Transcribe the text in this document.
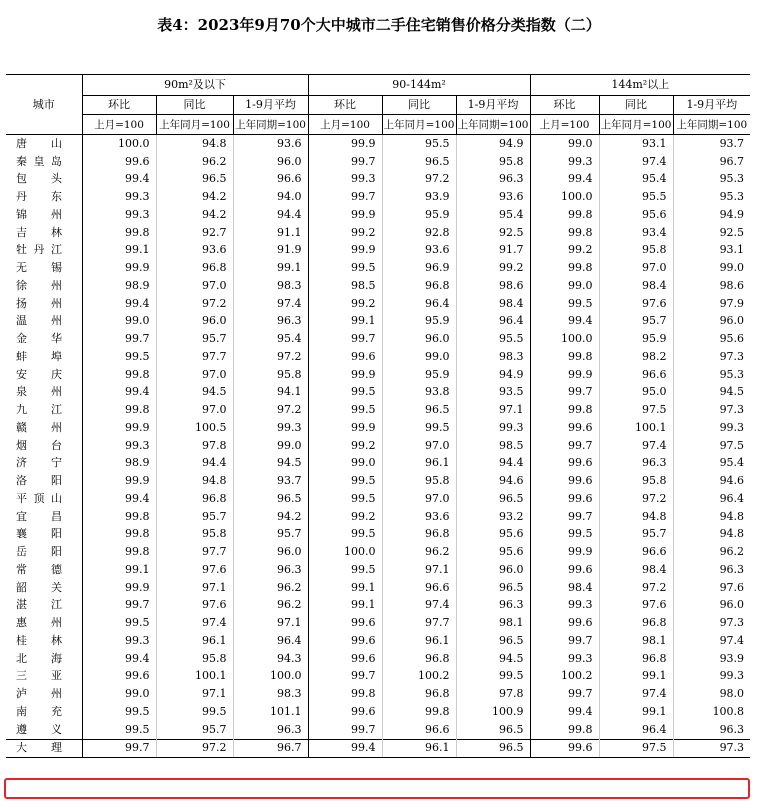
表4：2023年9月70个大中城市二手住宅销售价格分类指数（二）
城市	90m²及以下			90-144m²			144m²以上		
	环比	同比	1-9月平均	环比	同比	1-9月平均	环比	同比	1-9月平均
	上月=100	上年同月=100	上年同期=100	上月=100	上年同月=100	上年同期=100	上月=100	上年同月=100	上年同期=100

唐 山	100.0	94.8	93.6	99.9	95.5	94.9	99.0	93.1	93.7

秦 皇 岛	99.6	96.2	96.0	99.7	96.5	95.8	99.3	97.4	96.7

包 头	99.4	96.5	96.6	99.3	97.2	96.3	99.4	95.4	95.3

丹 东	99.3	94.2	94.0	99.7	93.9	93.6	100.0	95.5	95.3

锦 州	99.3	94.2	94.4	99.9	95.9	95.4	99.8	95.6	94.9

吉 林	99.8	92.7	91.1	99.2	92.8	92.5	99.8	93.4	92.5

牡 丹 江	99.1	93.6	91.9	99.9	93.6	91.7	99.2	95.8	93.1

无 锡	99.9	96.8	99.1	99.5	96.9	99.2	99.8	97.0	99.0

徐 州	98.9	97.0	98.3	98.5	96.8	98.6	99.0	98.4	98.6

扬 州	99.4	97.2	97.4	99.2	96.4	98.4	99.5	97.6	97.9

温 州	99.0	96.0	96.3	99.1	95.9	96.4	99.4	95.7	96.0

金 华	99.7	95.7	95.4	99.7	96.0	95.5	100.0	95.9	95.6

蚌 埠	99.5	97.7	97.2	99.6	99.0	98.3	99.8	98.2	97.3

安 庆	99.8	97.0	95.8	99.9	95.9	94.9	99.9	96.6	95.3

泉 州	99.4	94.5	94.1	99.5	93.8	93.5	99.7	95.0	94.5

九 江	99.8	97.0	97.2	99.5	96.5	97.1	99.8	97.5	97.3

赣 州	99.9	100.5	99.3	99.9	99.5	99.3	99.6	100.1	99.3

烟 台	99.3	97.8	99.0	99.2	97.0	98.5	99.7	97.4	97.5

济 宁	98.9	94.4	94.5	99.0	96.1	94.4	99.6	96.3	95.4

洛 阳	99.9	94.8	93.7	99.5	95.8	94.6	99.6	95.8	94.6

平 顶 山	99.4	96.8	96.5	99.5	97.0	96.5	99.6	97.2	96.4

宜 昌	99.8	95.7	94.2	99.2	93.6	93.2	99.7	94.8	94.8

襄 阳	99.8	95.8	95.7	99.5	96.8	95.6	99.5	95.7	94.8

岳 阳	99.8	97.7	96.0	100.0	96.2	95.6	99.9	96.6	96.2

常 德	99.1	97.6	96.3	99.5	97.1	96.0	99.6	98.4	96.3

韶 关	99.9	97.1	96.2	99.1	96.6	96.5	98.4	97.2	97.6

湛 江	99.7	97.6	96.2	99.1	97.4	96.3	99.3	97.6	96.0

惠 州	99.5	97.4	97.1	99.6	97.7	98.1	99.6	96.8	97.3

桂 林	99.3	96.1	96.4	99.6	96.1	96.5	99.7	98.1	97.4

北 海	99.4	95.8	94.3	99.6	96.8	94.5	99.3	96.8	93.9

三 亚	99.6	100.1	100.0	99.7	100.2	99.5	100.2	99.1	99.3

泸 州	99.0	97.1	98.3	99.8	96.8	97.8	99.7	97.4	98.0

南 充	99.5	99.5	101.1	99.6	99.8	100.9	99.4	99.1	100.8

遵 义	99.5	95.7	96.3	99.7	96.6	96.5	99.8	96.4	96.3

大 理	99.7	97.2	96.7	99.4	96.1	96.5	99.6	97.5	97.3
